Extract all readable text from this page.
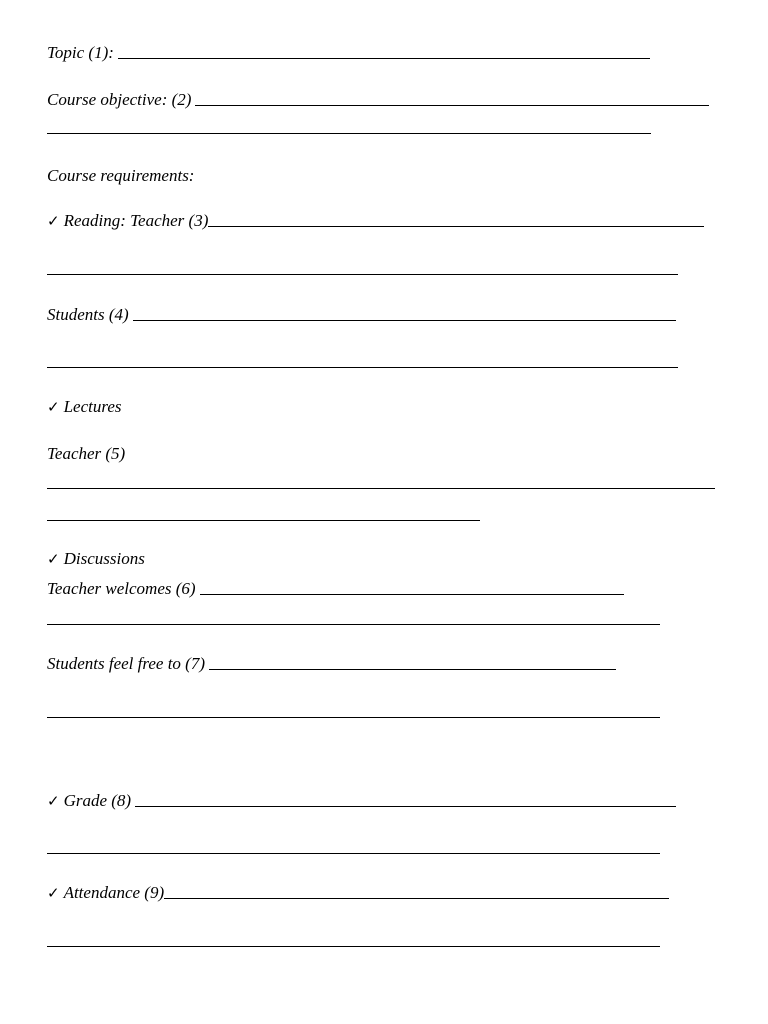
Topic (1):
Course objective: (2)
Course requirements:
✓ Reading: Teacher (3)
Students (4)
✓ Lectures
Teacher (5)
✓ Discussions
Teacher welcomes (6)
Students feel free to (7)
✓ Grade (8)
✓ Attendance (9)
